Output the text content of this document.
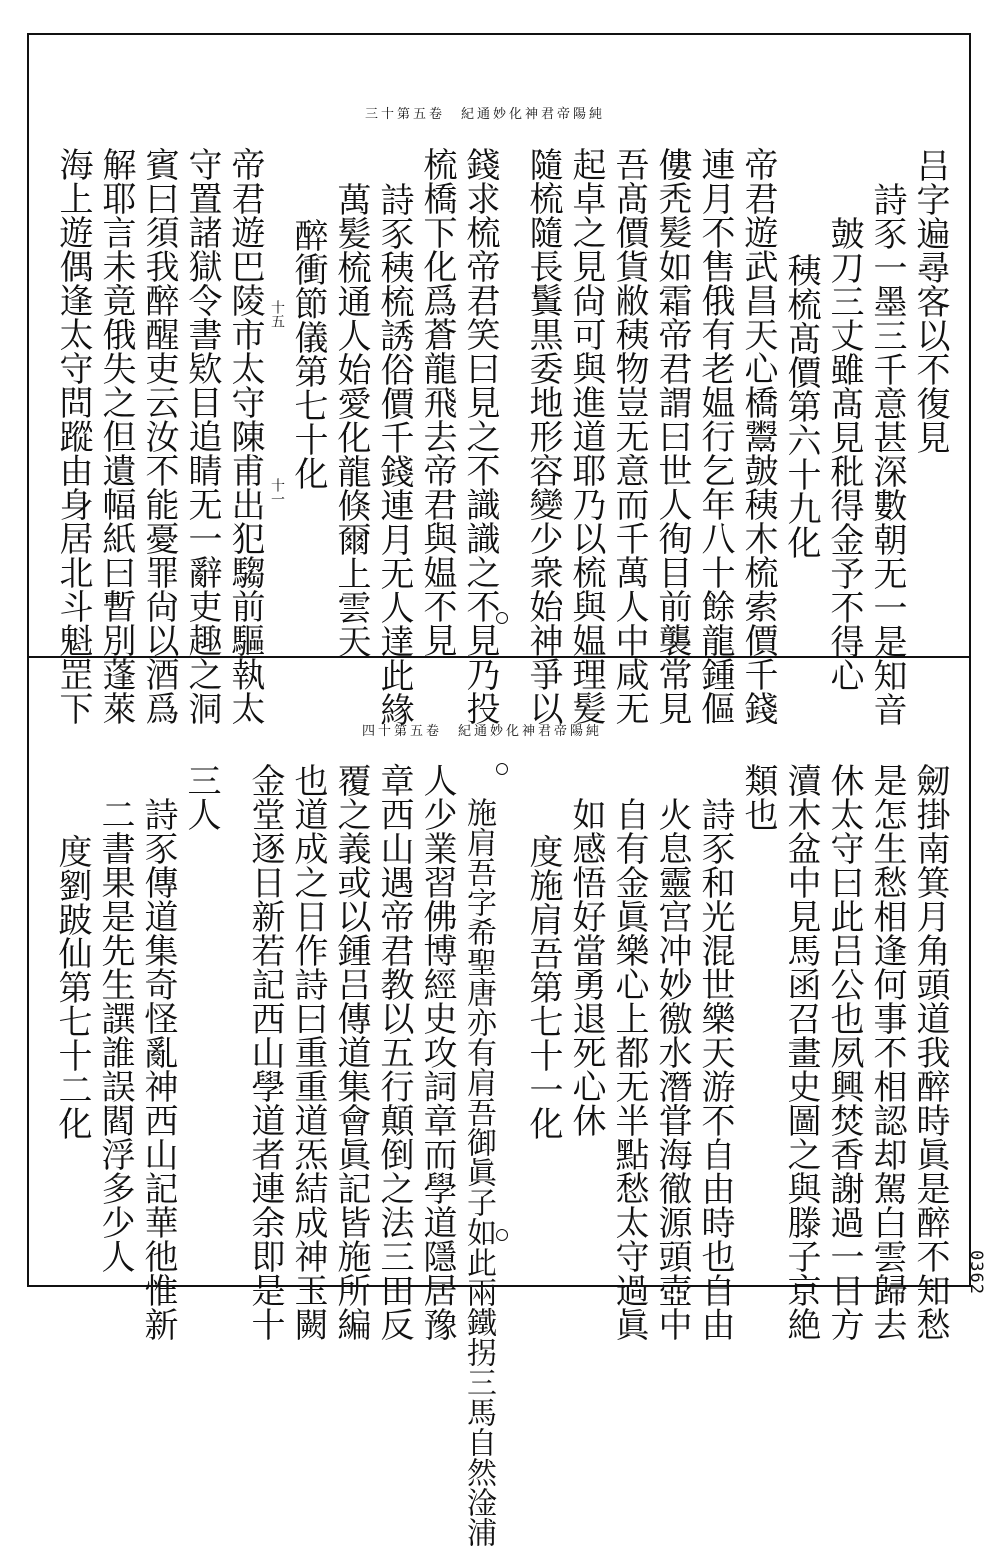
三十第五卷　紀通妙化神君帝陽純
四十第五卷　紀通妙化神君帝陽純
吕字遍尋客以不復見
詩豕一墨三千意甚深數朝无一是知音
皷刀三丈雖髙見秕得金予不得心
䄺梳髙價第六十九化
帝君遊武昌天心橋鬻皷䄺木梳索價千錢
連月不售俄有老媪行乞年八十餘龍鍾傴
僂秃髪如霜帝君謂曰世人徇目前襲常見
吾髙價貨敝䄺物豈无意而千萬人中咸无
起卓之見尙可與進道耶乃以梳與媪理髪
隨梳隨長鬒黒委地形容變少衆始神爭以
錢求梳帝君笑曰見之不識識之不見乃投
梳橋下化爲蒼龍飛去帝君與媪不見
詩豕䄺梳誘俗價千錢連月无人達此緣
萬髪梳通人始愛化龍倏爾上雲天
醉衝節儀第七十化
十五
十一
帝君遊巴陵市太守陳甫出犯騶前驅執太
守置諸獄令書欵目追睛无一辭吏趣之洞
賓曰須我醉醒吏云汝不能憂罪尙以酒爲
解耶言未竟俄失之但遺幅紙曰暫別蓬萊
海上遊偶逢太守問蹤由身居北斗魁罡下
劒掛南箕月角頭道我醉時眞是醉不知愁
是怎生愁相逢何事不相認却駕白雲歸去
休太守曰此吕公也夙興焚香謝過一日方
瀆木盆中見馬函召畫史圖之與滕子京絶
類也
詩豕和光混世樂天游不自由時也自由
火息靈宫冲妙徼水潛甞海徹源頭壺中
自有金眞樂心上都无半點愁太守過眞
如感悟好當勇退死心休
度施肩吾第七十一化
施肩吾字希聖唐亦有肩吾御眞子如此兩鐵拐三馬自然淦浦
人少業習佛博經史攻詞章而學道隱居豫
章西山遇帝君教以五行顛倒之法三田反
覆之義或以鍾吕傳道集會眞記皆施所編
也道成之日作詩曰重重道炁結成神玉闕
金堂逐日新若記西山學道者連余即是十
三人
詩豕傳道集奇怪亂神西山記華彵惟新
二書果是先生譔誰誤閻浮多少人
度劉跛仙第七十二化
0362
